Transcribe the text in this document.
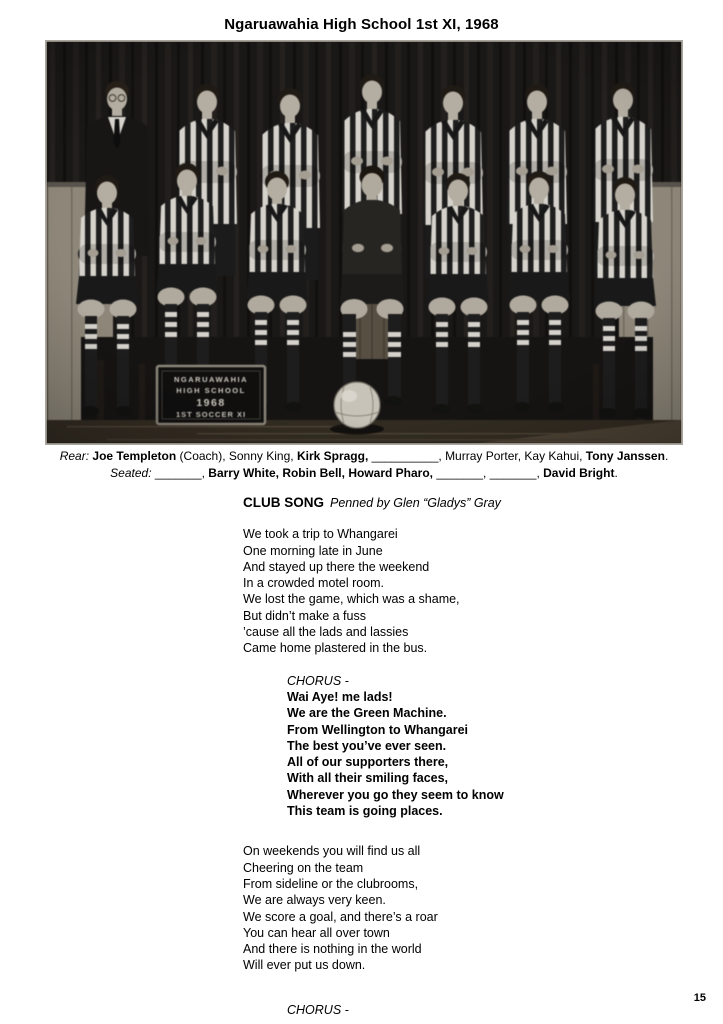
Ngaruawahia High School 1st XI, 1968
Rear: Joe Templeton (Coach), Sonny King, Kirk Spragg, __________, Murray Porter, Kay Kahui, Tony Janssen.
Seated: _______, Barry White, Robin Bell, Howard Pharo, _______, _______, David Bright.
CLUB SONG Penned by Glen “Gladys” Gray
We took a trip to Whangarei
One morning late in June
And stayed up there the weekend
In a crowded motel room.
We lost the game, which was a shame,
But didn’t make a fuss
’cause all the lads and lassies
Came home plastered in the bus.
CHORUS -
Wai Aye! me lads!
We are the Green Machine.
From Wellington to Whangarei
The best you’ve ever seen.
All of our supporters there,
With all their smiling faces,
Wherever you go they seem to know
This team is going places.
On weekends you will find us all
Cheering on the team
From sideline or the clubrooms,
We are always very keen.
We score a goal, and there’s a roar
You can hear all over town
And there is nothing in the world
Will ever put us down.
CHORUS -
15
